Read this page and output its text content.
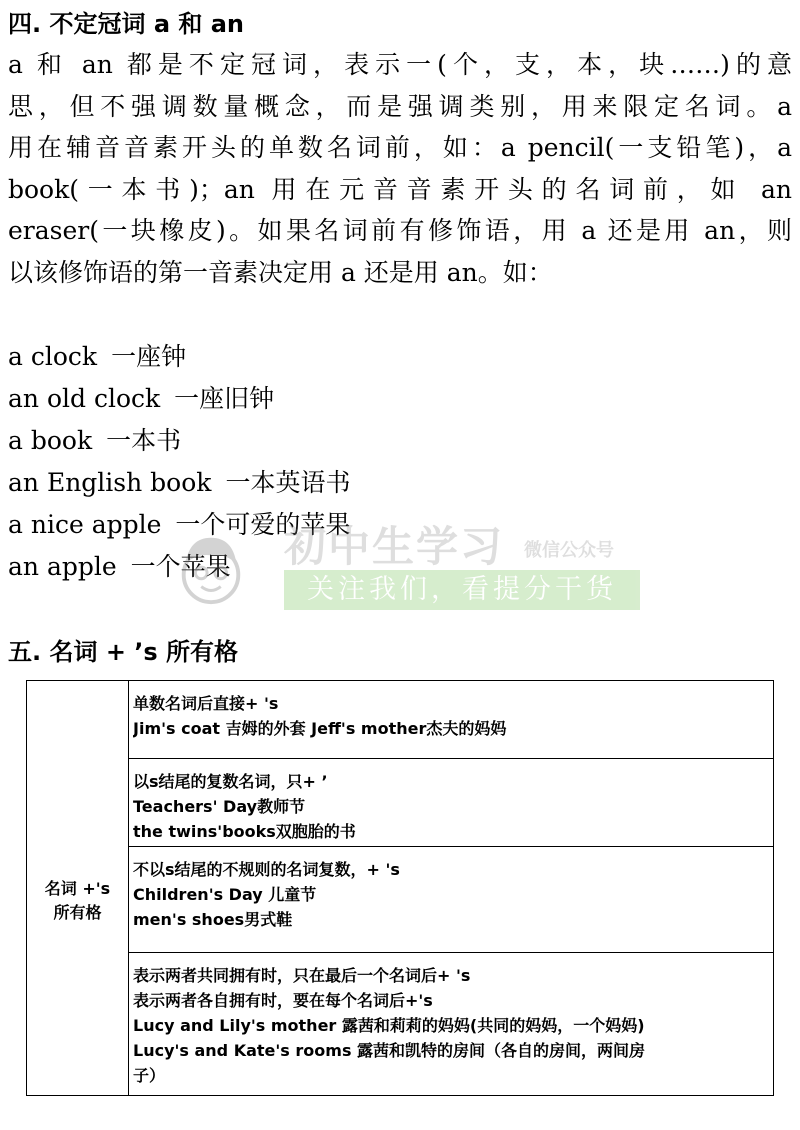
四. 不定冠词 a 和 an

a 和 an 都是不定冠词，表示一(个，支，本，块……)的意
思，但不强调数量概念，而是强调类别，用来限定名词。a
用在辅音音素开头的单数名词前，如：a pencil(一支铅笔)，a
book(一本书)；an 用在元音音素开头的名词前，如 an
eraser(一块橡皮)。如果名词前有修饰语，用 a 还是用 an，则
以该修饰语的第一音素决定用 a 还是用 an。如：

a clock 一座钟
an old clock 一座旧钟
a book 一本书
an English book 一本英语书
a nice apple 一个可爱的苹果
an apple 一个苹果	初中生学习 微信公众号
关注我们，看提分干货
五. 名词 + ’s 所有格
名词 +'s
所有格
单数名词后直接+ 's
Jim's coat 吉姆的外套 Jeff's mother杰夫的妈妈
以s结尾的复数名词，只+ ’
Teachers' Day教师节
the twins'books双胞胎的书
不以s结尾的不规则的名词复数，+ 's
Children's Day 儿童节
men's shoes男式鞋
表示两者共同拥有时，只在最后一个名词后+ 's
表示两者各自拥有时，要在每个名词后+'s
Lucy and Lily's mother 露茜和莉莉的妈妈(共同的妈妈，一个妈妈)
Lucy's and Kate's rooms 露茜和凯特的房间（各自的房间，两间房
子）
